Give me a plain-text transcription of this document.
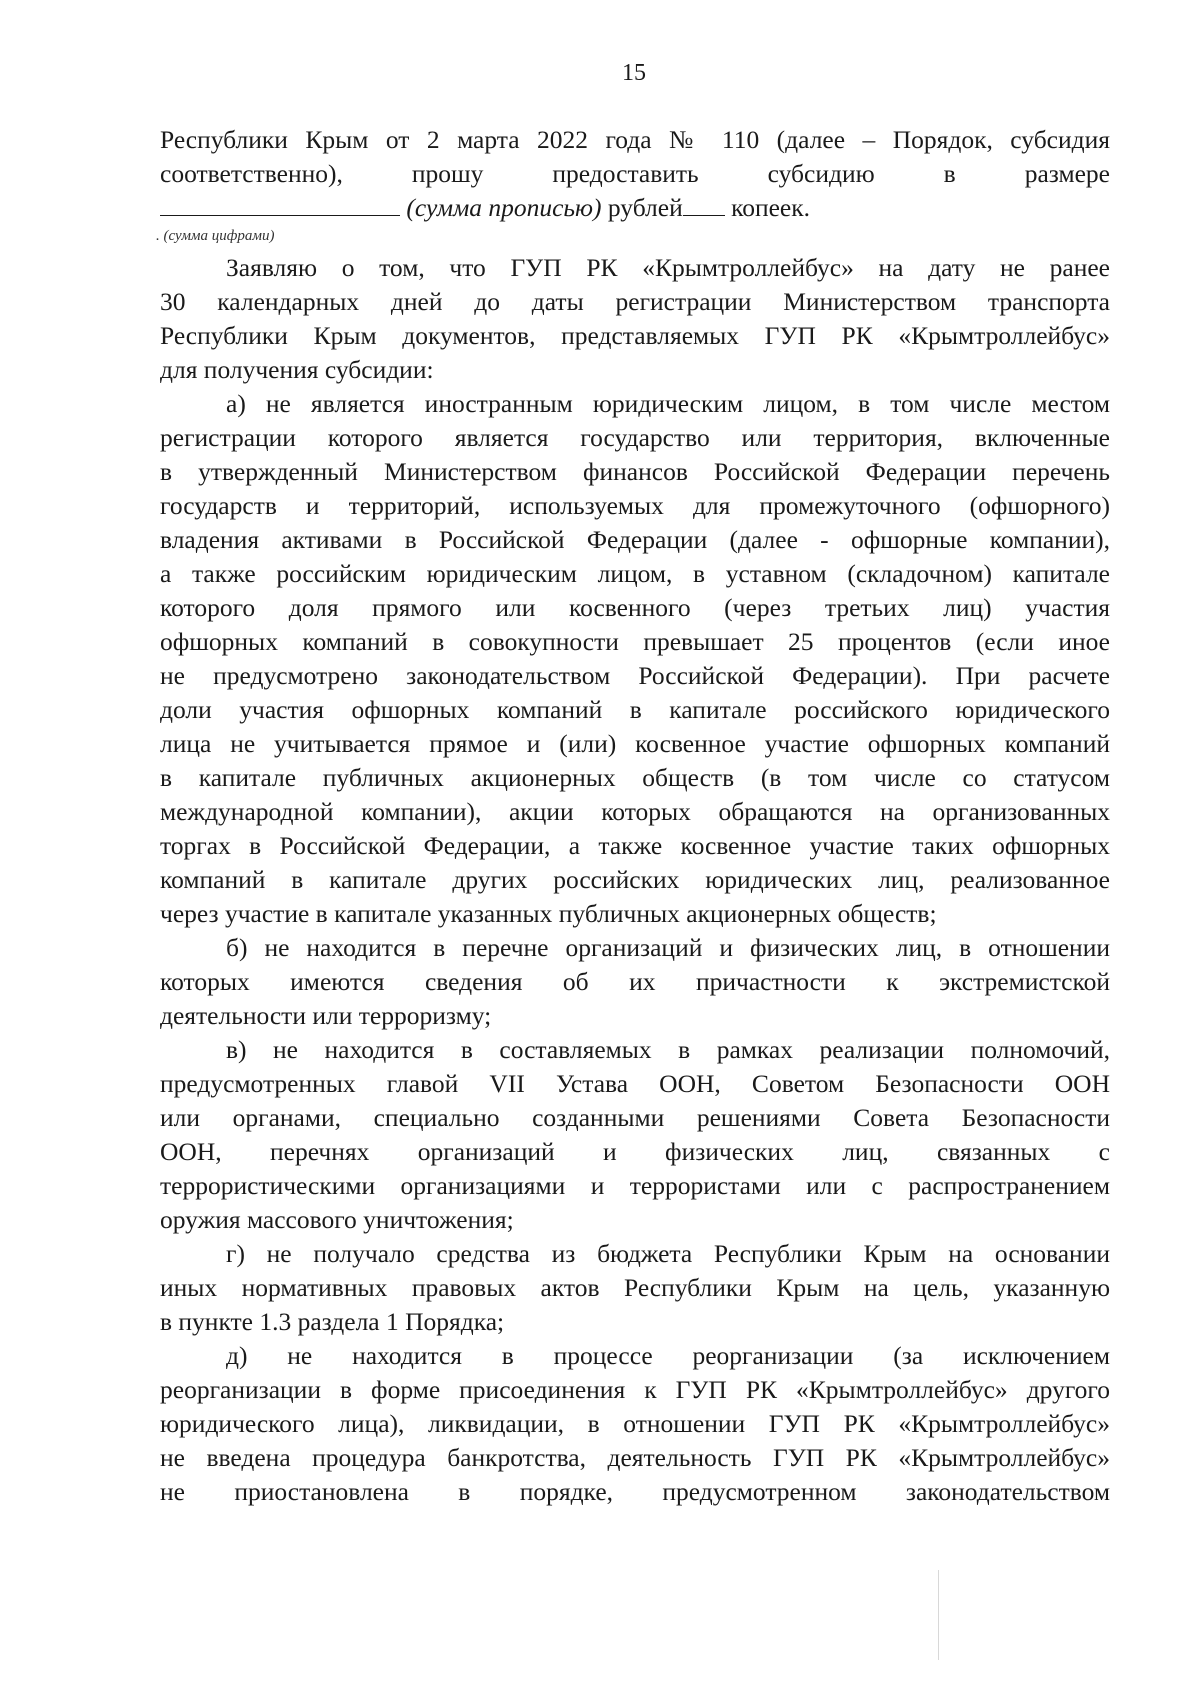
15
Республики Крым от 2 марта 2022 года № 110 (далее – Порядок, субсидия
соответственно), прошу предоставить субсидию в размере
(сумма прописью) рублей копеек.
. (сумма цифрами)
Заявляю о том, что ГУП РК «Крымтроллейбус» на дату не ранее
30 календарных дней до даты регистрации Министерством транспорта
Республики Крым документов, представляемых ГУП РК «Крымтроллейбус»
для получения субсидии:
а) не является иностранным юридическим лицом, в том числе местом
регистрации которого является государство или территория, включенные
в утвержденный Министерством финансов Российской Федерации перечень
государств и территорий, используемых для промежуточного (офшорного)
владения активами в Российской Федерации (далее - офшорные компании),
а также российским юридическим лицом, в уставном (складочном) капитале
которого доля прямого или косвенного (через третьих лиц) участия
офшорных компаний в совокупности превышает 25 процентов (если иное
не предусмотрено законодательством Российской Федерации). При расчете
доли участия офшорных компаний в капитале российского юридического
лица не учитывается прямое и (или) косвенное участие офшорных компаний
в капитале публичных акционерных обществ (в том числе со статусом
международной компании), акции которых обращаются на организованных
торгах в Российской Федерации, а также косвенное участие таких офшорных
компаний в капитале других российских юридических лиц, реализованное
через участие в капитале указанных публичных акционерных обществ;
б) не находится в перечне организаций и физических лиц, в отношении
которых имеются сведения об их причастности к экстремистской
деятельности или терроризму;
в) не находится в составляемых в рамках реализации полномочий,
предусмотренных главой VII Устава ООН, Советом Безопасности ООН
или органами, специально созданными решениями Совета Безопасности
ООН, перечнях организаций и физических лиц, связанных с
террористическими организациями и террористами или с распространением
оружия массового уничтожения;
г) не получало средства из бюджета Республики Крым на основании
иных нормативных правовых актов Республики Крым на цель, указанную
в пункте 1.3 раздела 1 Порядка;
д) не находится в процессе реорганизации (за исключением
реорганизации в форме присоединения к ГУП РК «Крымтроллейбус» другого
юридического лица), ликвидации, в отношении ГУП РК «Крымтроллейбус»
не введена процедура банкротства, деятельность ГУП РК «Крымтроллейбус»
не приостановлена в порядке, предусмотренном законодательством
